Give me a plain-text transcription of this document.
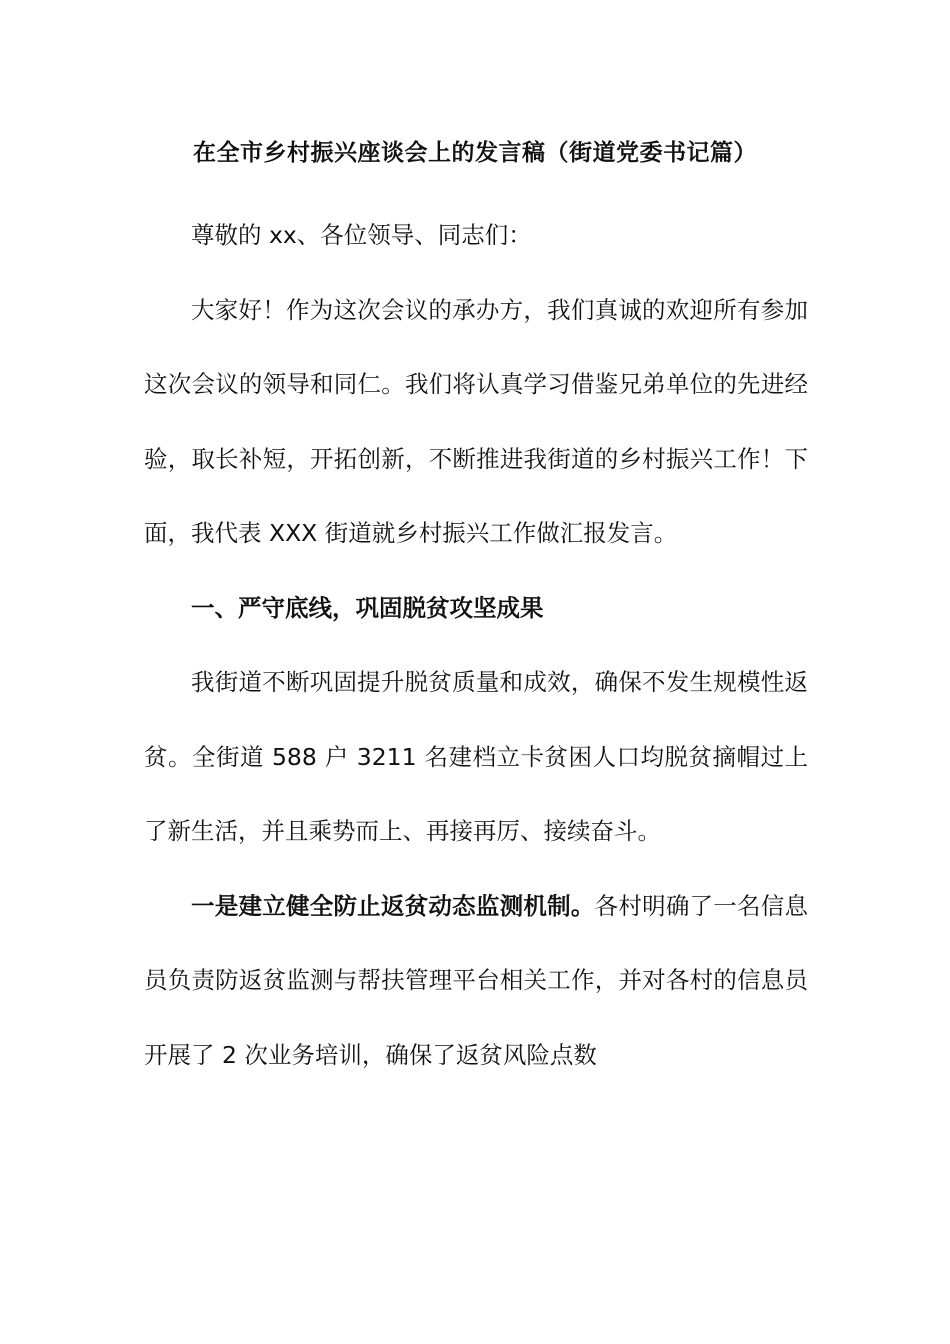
在全市乡村振兴座谈会上的发言稿（街道党委书记篇）

尊敬的 xx、各位领导、同志们：

大家好！作为这次会议的承办方，我们真诚的欢迎所有参加这次会议的领导和同仁。我们将认真学习借鉴兄弟单位的先进经验，取长补短，开拓创新，不断推进我街道的乡村振兴工作！下面，我代表 XXX 街道就乡村振兴工作做汇报发言。

一、严守底线，巩固脱贫攻坚成果

我街道不断巩固提升脱贫质量和成效，确保不发生规模性返贫。全街道 588 户 3211 名建档立卡贫困人口均脱贫摘帽过上了新生活，并且乘势而上、再接再厉、接续奋斗。

一是建立健全防止返贫动态监测机制。各村明确了一名信息员负责防返贫监测与帮扶管理平台相关工作，并对各村的信息员开展了 2 次业务培训，确保了返贫风险点数
